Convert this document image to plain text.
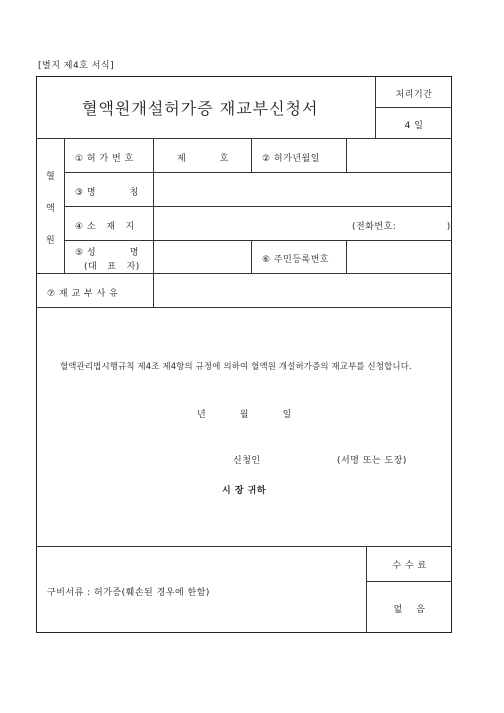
[별지 제4호 서식]
혈액원개설허가증 재교부신청서
처리기간
4 일
혈
액
원
① 허 가 번 호	제          호	② 허가년월일
③ 명          칭
④ 소   재   지	(전화번호:               )
⑤ 성          명
(대   표   자)
⑥ 주민등록번호
⑦ 재 교 부 사 유
혈액관리법시행규칙 제4조 제4항의 규정에 의하여 혈액원 개설허가증의 재교부를 신청합니다.
년          월          일
신청인	(서명 또는 도장)
시 장 귀하
구비서류 : 허가증(훼손된 경우에 한함)
수 수 료
없    음
